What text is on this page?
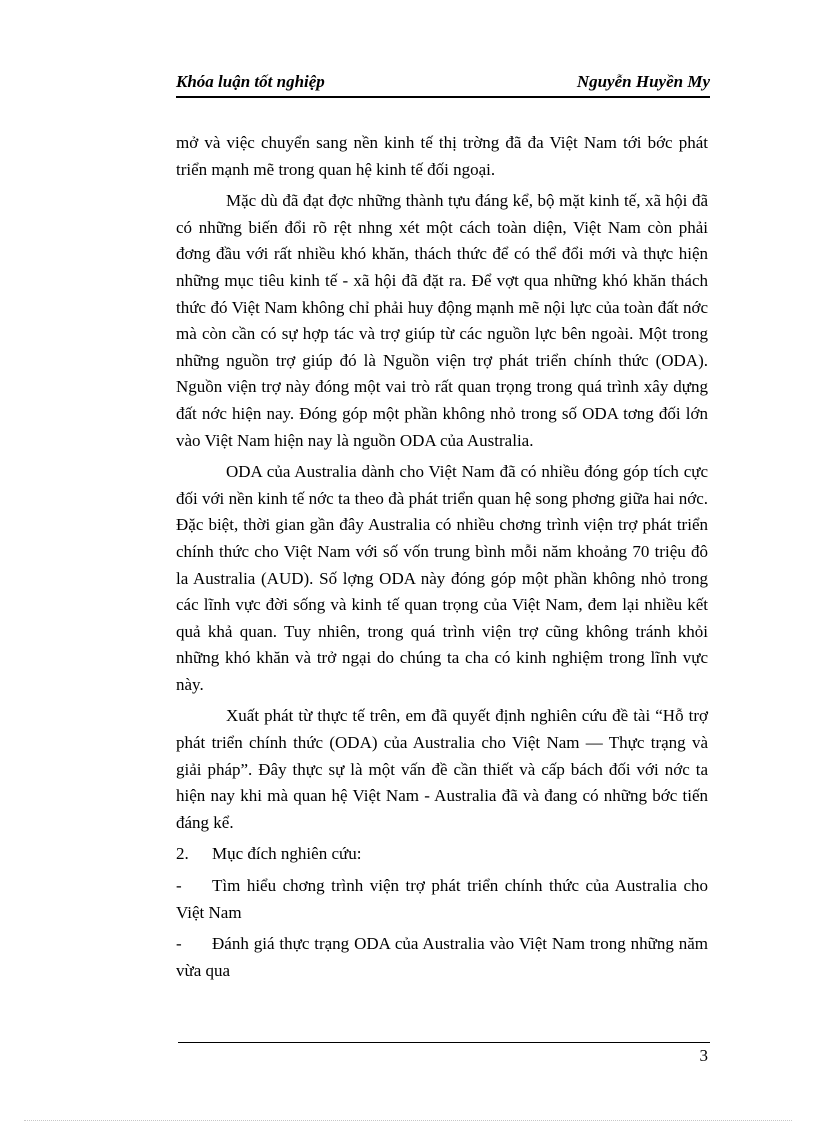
Khóa luận tốt nghiệp	Nguyễn Huyền My

mở và việc chuyển sang nền kinh tế thị trờng đã đa Việt Nam tới bớc phát triển mạnh mẽ trong quan hệ kinh tế đối ngoại.

Mặc dù đã đạt đợc những thành tựu đáng kể, bộ mặt kinh tế, xã hội đã có những biến đổi rõ rệt nhng xét một cách toàn diện, Việt Nam còn phải đơng đầu với rất nhiều khó khăn, thách thức để có thể đổi mới và thực hiện những mục tiêu kinh tế - xã hội đã đặt ra. Để vợt qua những khó khăn thách thức đó Việt Nam không chỉ phải huy động mạnh mẽ nội lực của toàn đất nớc mà còn cần có sự hợp tác và trợ giúp từ các nguồn lực bên ngoài. Một trong những nguồn trợ giúp đó là Nguồn viện trợ phát triển chính thức (ODA). Nguồn viện trợ này đóng một vai trò rất quan trọng trong quá trình xây dựng đất nớc hiện nay. Đóng góp một phần không nhỏ trong số ODA tơng đối lớn vào Việt Nam hiện nay là nguồn ODA của Australia.

ODA của Australia dành cho Việt Nam đã có nhiều đóng góp tích cực đối với nền kinh tế nớc ta theo đà phát triển quan hệ song phơng giữa hai nớc. Đặc biệt, thời gian gần đây Australia có nhiều chơng trình viện trợ phát triển chính thức cho Việt Nam với số vốn trung bình mỗi năm khoảng 70 triệu đô la Australia (AUD). Số lợng ODA này đóng góp một phần không nhỏ trong các lĩnh vực đời sống và kinh tế quan trọng của Việt Nam, đem lại nhiều kết quả khả quan. Tuy nhiên, trong quá trình viện trợ cũng không tránh khỏi những khó khăn và trở ngại do chúng ta cha có kinh nghiệm trong lĩnh vực này.

Xuất phát từ thực tế trên, em đã quyết định nghiên cứu đề tài “Hỗ trợ phát triển chính thức (ODA) của Australia cho Việt Nam — Thực trạng và giải pháp”. Đây thực sự là một vấn đề cần thiết và cấp bách đối với nớc ta hiện nay khi mà quan hệ Việt Nam - Australia đã và đang có những bớc tiến đáng kể.

2. Mục đích nghiên cứu:

- Tìm hiểu chơng trình viện trợ phát triển chính thức của Australia cho Việt Nam

- Đánh giá thực trạng ODA của Australia vào Việt Nam trong những năm vừa qua

3
